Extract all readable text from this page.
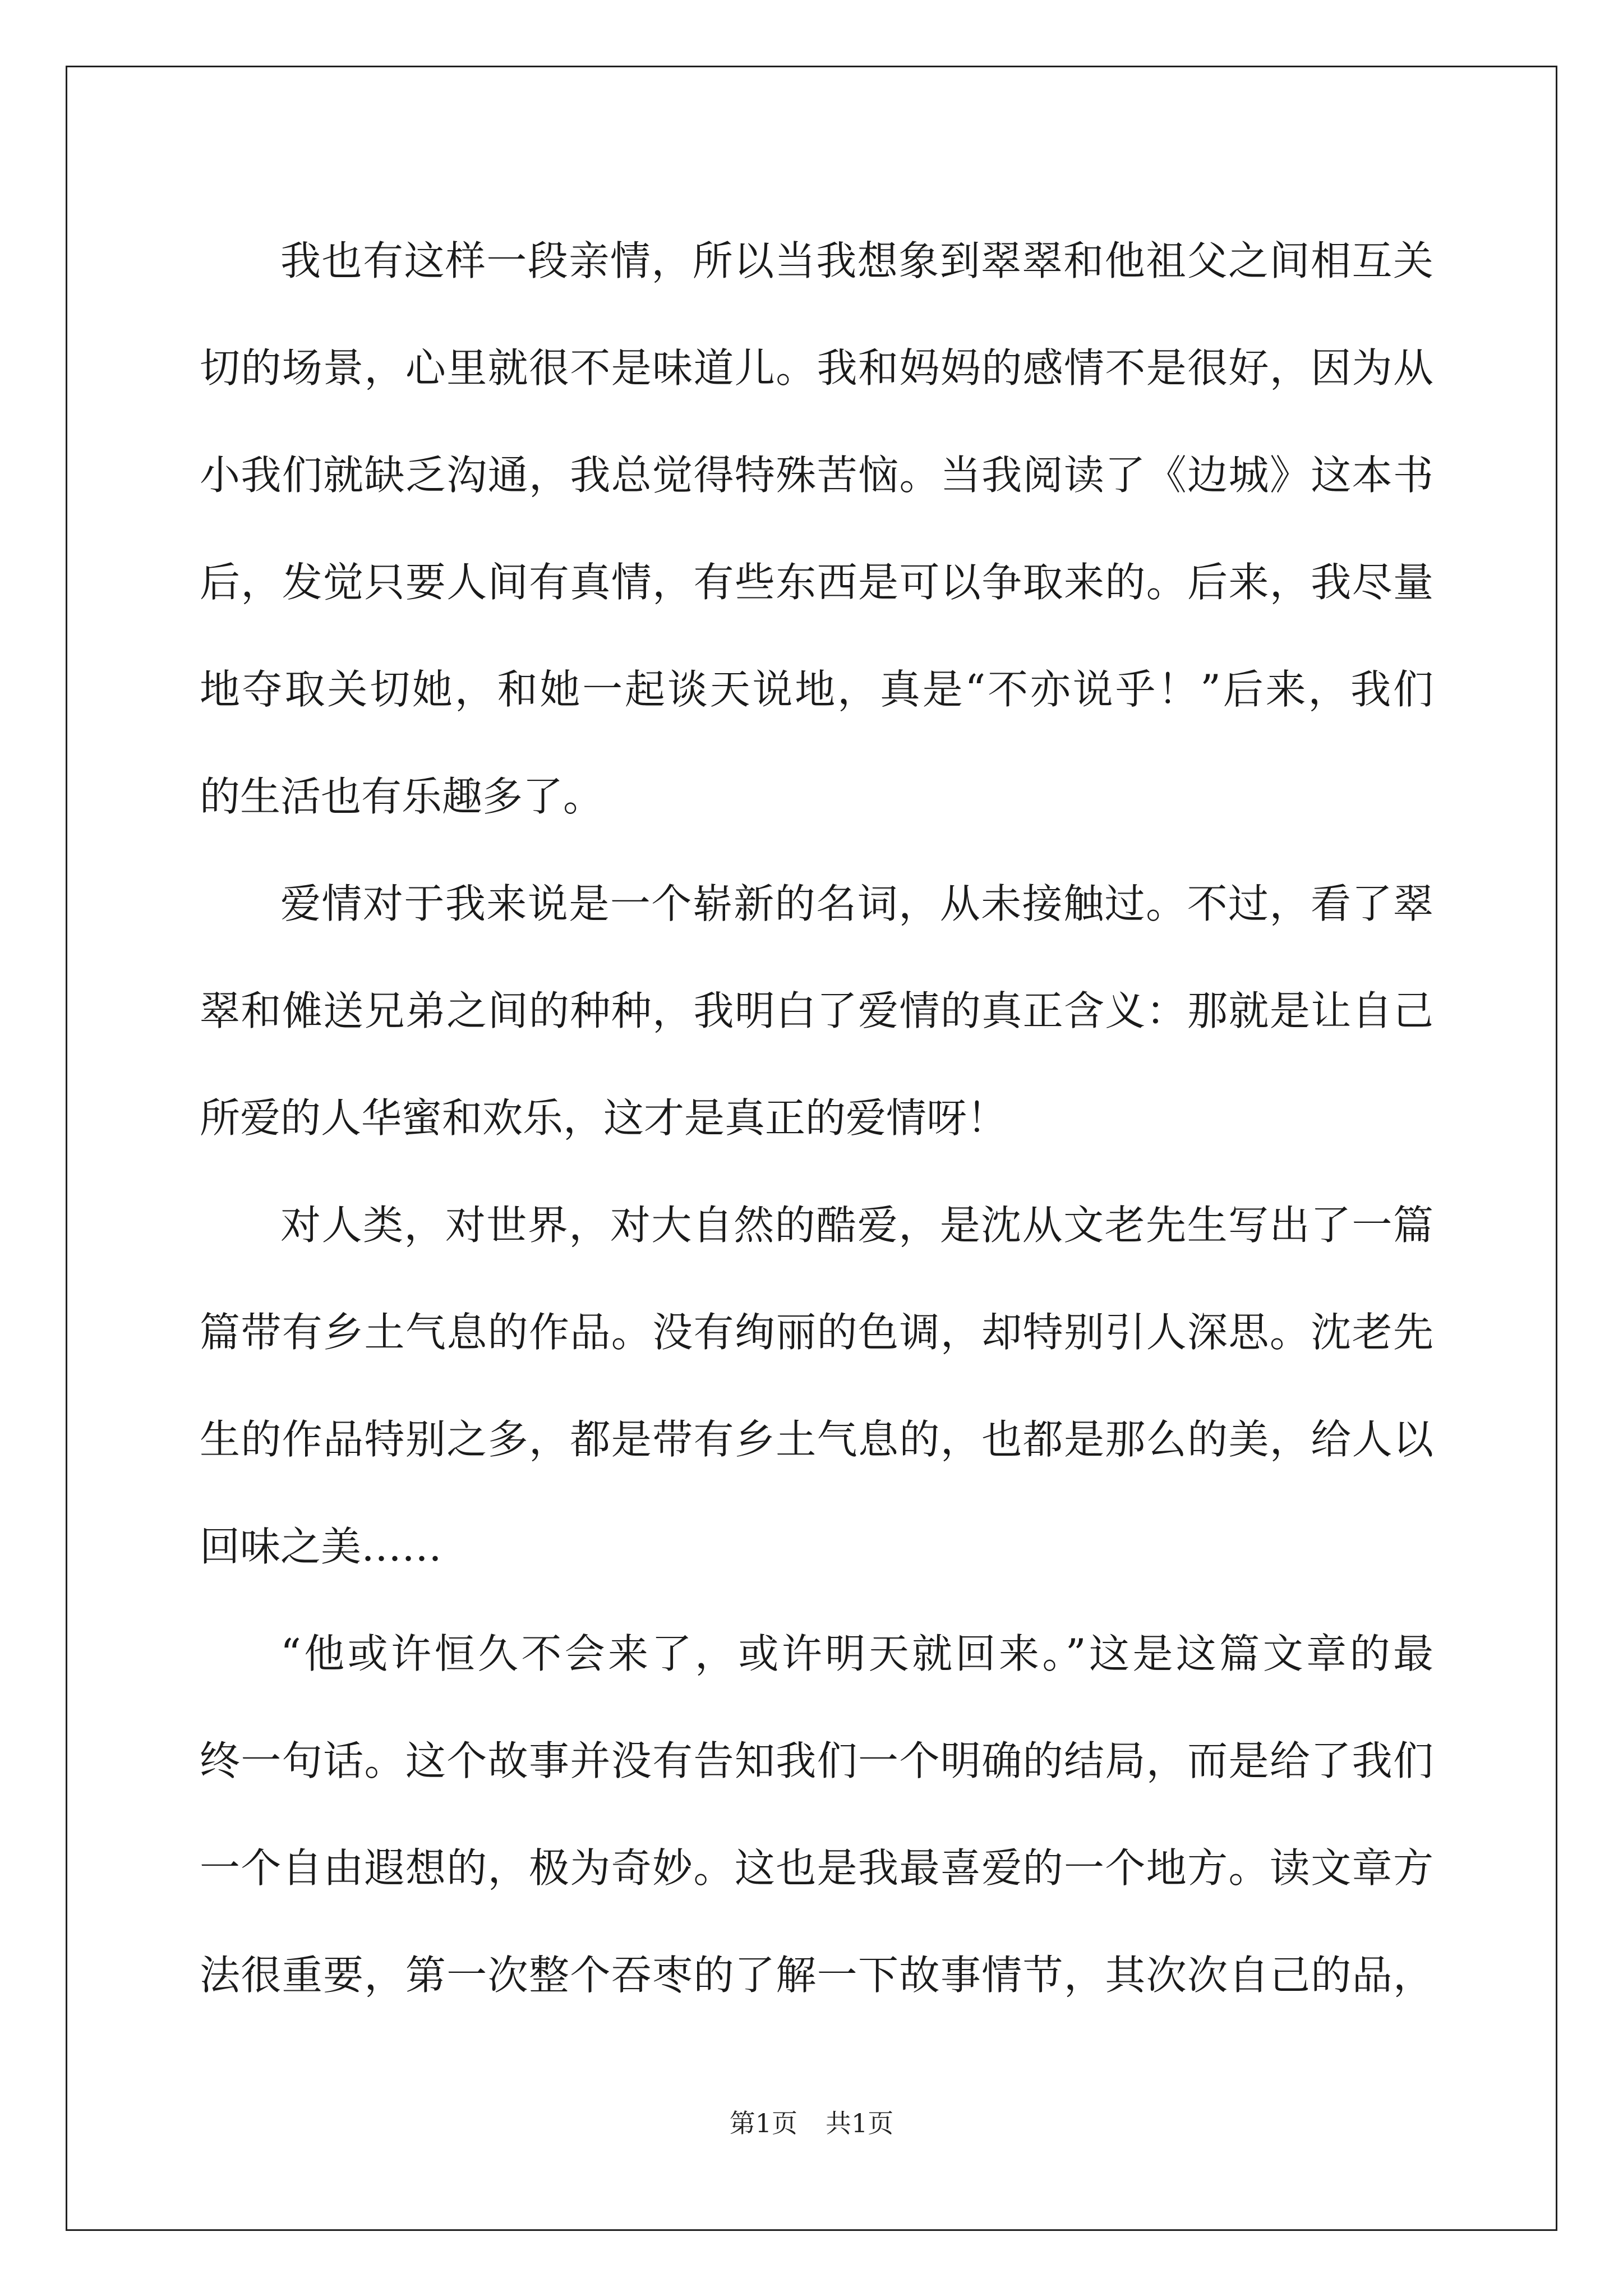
我也有这样一段亲情，所以当我想象到翠翠和他祖父之间相互关
切的场景，心里就很不是味道儿。我和妈妈的感情不是很好，因为从
小我们就缺乏沟通，我总觉得特殊苦恼。当我阅读了《边城》这本书
后，发觉只要人间有真情，有些东西是可以争取来的。后来，我尽量
地夺取关切她，和她一起谈天说地，真是“不亦说乎！”后来，我们
的生活也有乐趣多了。
爱情对于我来说是一个崭新的名词，从未接触过。不过，看了翠
翠和傩送兄弟之间的种种，我明白了爱情的真正含义：那就是让自己
所爱的人华蜜和欢乐，这才是真正的爱情呀！
对人类，对世界，对大自然的酷爱，是沈从文老先生写出了一篇
篇带有乡土气息的作品。没有绚丽的色调，却特别引人深思。沈老先
生的作品特别之多，都是带有乡土气息的，也都是那么的美，给人以
回味之美……
“他或许恒久不会来了，或许明天就回来。”这是这篇文章的最
终一句话。这个故事并没有告知我们一个明确的结局，而是给了我们
一个自由遐想的，极为奇妙。这也是我最喜爱的一个地方。读文章方
法很重要，第一次整个吞枣的了解一下故事情节，其次次自己的品，
第1页 共1页
